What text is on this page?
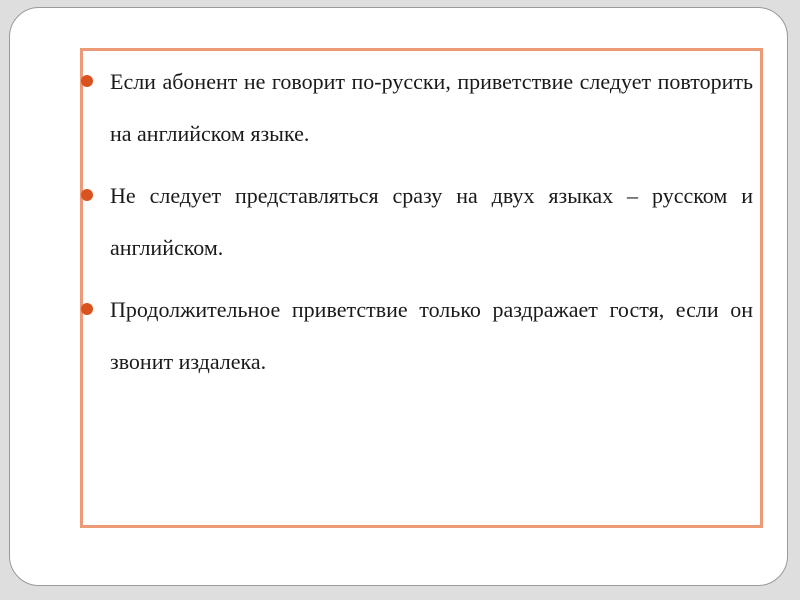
Если абонент не говорит по-русски, приветствие следует повторить на английском языке.
Не следует представляться сразу на двух языках – русском и английском.
Продолжительное приветствие только раздражает гостя, если он звонит издалека.
